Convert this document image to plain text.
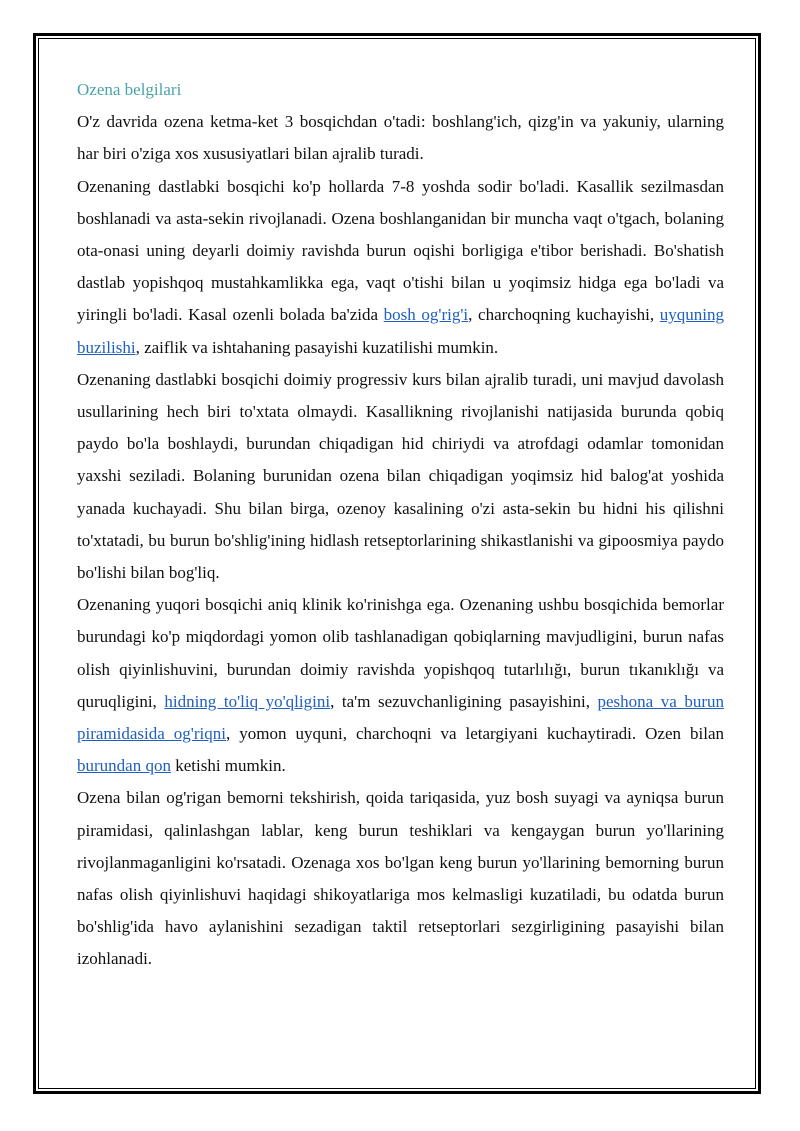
Ozena belgilari

O'z davrida ozena ketma-ket 3 bosqichdan o'tadi: boshlang'ich, qizg'in va yakuniy, ularning har biri o'ziga xos xususiyatlari bilan ajralib turadi.

Ozenaning dastlabki bosqichi ko'p hollarda 7-8 yoshda sodir bo'ladi. Kasallik sezilmasdan boshlanadi va asta-sekin rivojlanadi. Ozena boshlanganidan bir muncha vaqt o'tgach, bolaning ota-onasi uning deyarli doimiy ravishda burun oqishi borligiga e'tibor berishadi. Bo'shatish dastlab yopishqoq mustahkamlikka ega, vaqt o'tishi bilan u yoqimsiz hidga ega bo'ladi va yiringli bo'ladi. Kasal ozenli bolada ba'zida bosh og'rig'i, charchoqning kuchayishi, uyquning buzilishi, zaiflik va ishtahaning pasayishi kuzatilishi mumkin.

Ozenaning dastlabki bosqichi doimiy progressiv kurs bilan ajralib turadi, uni mavjud davolash usullarining hech biri to'xtata olmaydi. Kasallikning rivojlanishi natijasida burunda qobiq paydo bo'la boshlaydi, burundan chiqadigan hid chiriydi va atrofdagi odamlar tomonidan yaxshi seziladi. Bolaning burunidan ozena bilan chiqadigan yoqimsiz hid balog'at yoshida yanada kuchayadi. Shu bilan birga, ozenoy kasalining o'zi asta-sekin bu hidni his qilishni to'xtatadi, bu burun bo'shlig'ining hidlash retseptorlarining shikastlanishi va gipoosmiya paydo bo'lishi bilan bog'liq.

Ozenaning yuqori bosqichi aniq klinik ko'rinishga ega. Ozenaning ushbu bosqichida bemorlar burundagi ko'p miqdordagi yomon olib tashlanadigan qobiqlarning mavjudligini, burun nafas olish qiyinlishuvini, burundan doimiy ravishda yopishqoq tutarlılığı, burun tıkanıklığı va quruqligini, hidning to'liq yo'qligini, ta'm sezuvchanligining pasayishini, peshona va burun piramidasida og'riqni, yomon uyquni, charchoqni va letargiyani kuchaytiradi. Ozen bilan burundan qon ketishi mumkin.

Ozena bilan og'rigan bemorni tekshirish, qoida tariqasida, yuz bosh suyagi va ayniqsa burun piramidasi, qalinlashgan lablar, keng burun teshiklari va kengaygan burun yo'llarining rivojlanmaganligini ko'rsatadi. Ozenaga xos bo'lgan keng burun yo'llarining bemorning burun nafas olish qiyinlishuvi haqidagi shikoyatlariga mos kelmasligi kuzatiladi, bu odatda burun bo'shlig'ida havo aylanishini sezadigan taktil retseptorlari sezgirligining pasayishi bilan izohlanadi.
